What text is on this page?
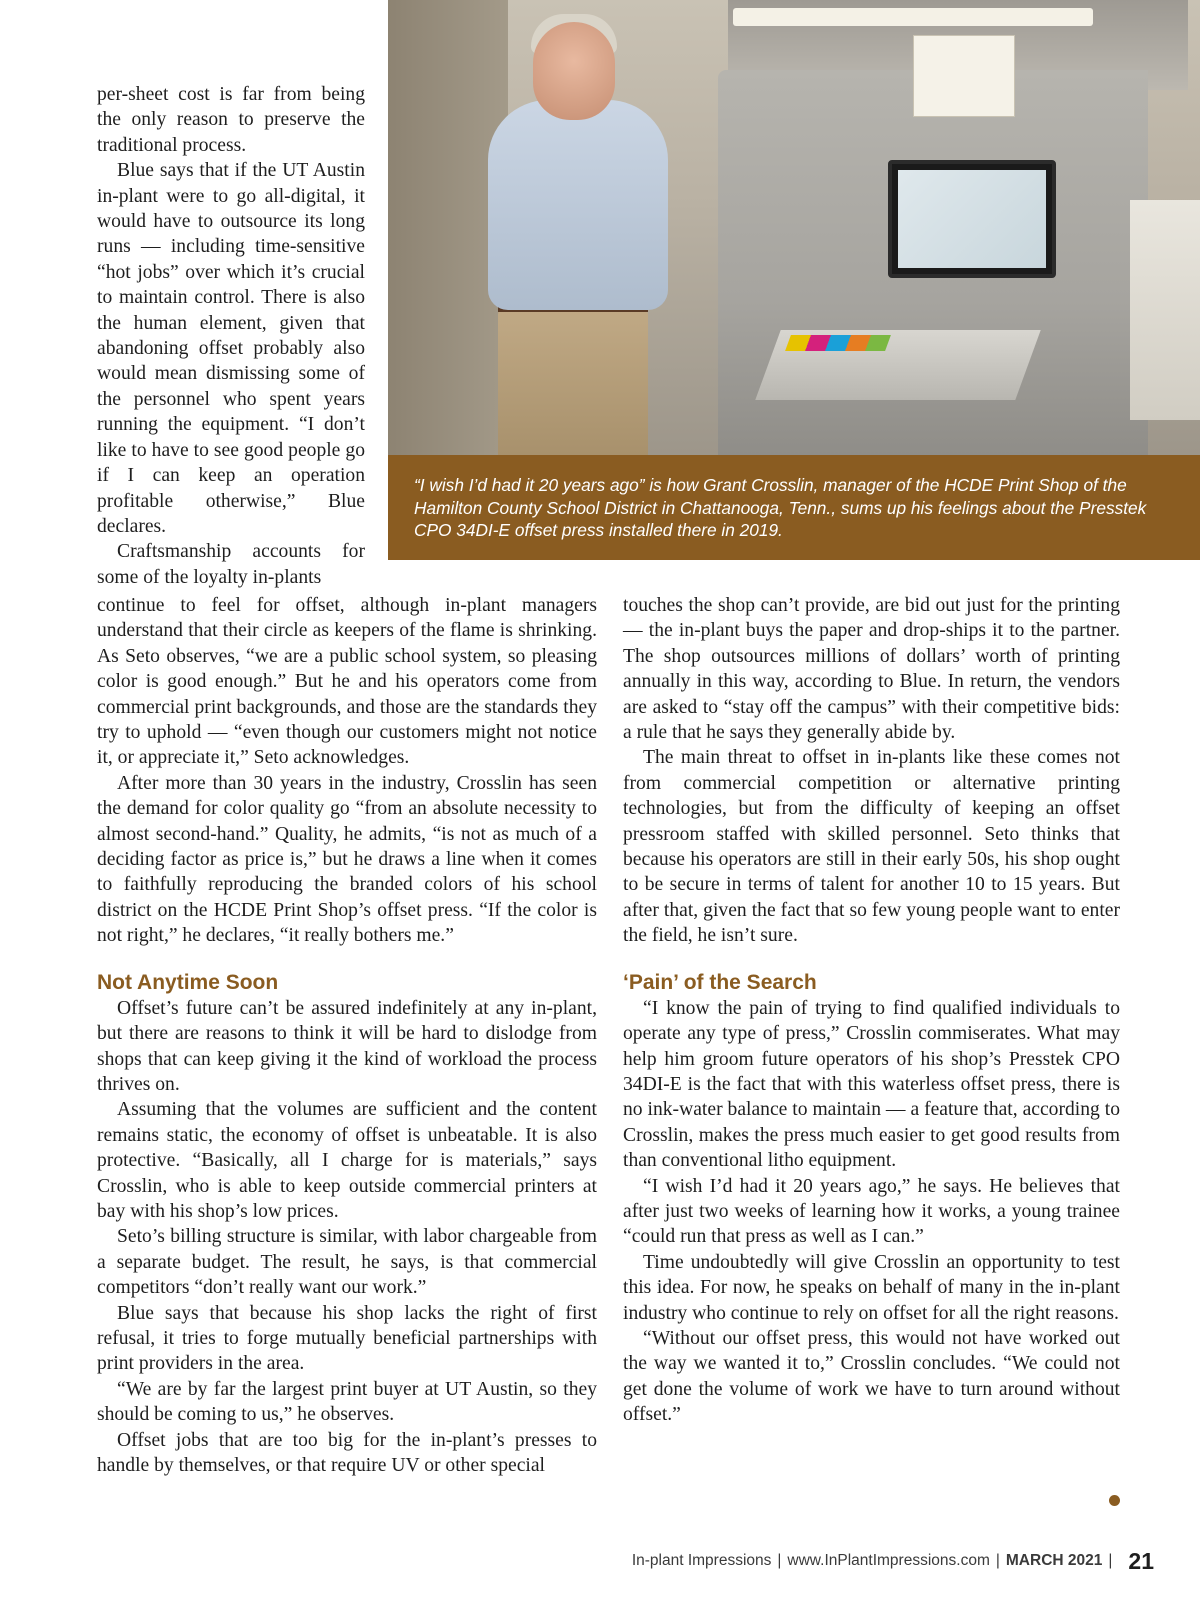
“I wish I’d had it 20 years ago” is how Grant Crosslin, manager of the HCDE Print Shop of the Hamilton County School District in Chattanooga, Tenn., sums up his feelings about the Presstek CPO 34DI-E offset press installed there in 2019.

per-sheet cost is far from being the only reason to preserve the traditional process.

Blue says that if the UT Austin in-plant were to go all-digital, it would have to outsource its long runs — including time-sensitive “hot jobs” over which it’s crucial to maintain control. There is also the human element, given that abandoning offset probably also would mean dismissing some of the personnel who spent years running the equipment. “I don’t like to have to see good people go if I can keep an operation profitable otherwise,” Blue declares.

Craftsmanship accounts for some of the loyalty in-plants

continue to feel for offset, although in-plant managers understand that their circle as keepers of the flame is shrinking. As Seto observes, “we are a public school system, so pleasing color is good enough.” But he and his operators come from commercial print backgrounds, and those are the standards they try to uphold — “even though our customers might not notice it, or appreciate it,” Seto acknowledges.

After more than 30 years in the industry, Crosslin has seen the demand for color quality go “from an absolute necessity to almost second-hand.” Quality, he admits, “is not as much of a deciding factor as price is,” but he draws a line when it comes to faithfully reproducing the branded colors of his school district on the HCDE Print Shop’s offset press. “If the color is not right,” he declares, “it really bothers me.”

Not Anytime Soon

Offset’s future can’t be assured indefinitely at any in-plant, but there are reasons to think it will be hard to dislodge from shops that can keep giving it the kind of workload the process thrives on.

Assuming that the volumes are sufficient and the content remains static, the economy of offset is unbeatable. It is also protective. “Basically, all I charge for is materials,” says Crosslin, who is able to keep outside commercial printers at bay with his shop’s low prices.

Seto’s billing structure is similar, with labor chargeable from a separate budget. The result, he says, is that commercial competitors “don’t really want our work.”

Blue says that because his shop lacks the right of first refusal, it tries to forge mutually beneficial partnerships with print providers in the area.

“We are by far the largest print buyer at UT Austin, so they should be coming to us,” he observes.

Offset jobs that are too big for the in-plant’s presses to handle by themselves, or that require UV or other special

touches the shop can’t provide, are bid out just for the printing — the in-plant buys the paper and drop-ships it to the partner. The shop outsources millions of dollars’ worth of printing annually in this way, according to Blue. In return, the vendors are asked to “stay off the campus” with their competitive bids: a rule that he says they generally abide by.

The main threat to offset in in-plants like these comes not from commercial competition or alternative printing technologies, but from the difficulty of keeping an offset pressroom staffed with skilled personnel. Seto thinks that because his operators are still in their early 50s, his shop ought to be secure in terms of talent for another 10 to 15 years. But after that, given the fact that so few young people want to enter the field, he isn’t sure.

‘Pain’ of the Search

“I know the pain of trying to find qualified individuals to operate any type of press,” Crosslin commiserates. What may help him groom future operators of his shop’s Presstek CPO 34DI-E is the fact that with this waterless offset press, there is no ink-water balance to maintain — a feature that, according to Crosslin, makes the press much easier to get good results from than conventional litho equipment.

“I wish I’d had it 20 years ago,” he says. He believes that after just two weeks of learning how it works, a young trainee “could run that press as well as I can.”

Time undoubtedly will give Crosslin an opportunity to test this idea. For now, he speaks on behalf of many in the in-plant industry who continue to rely on offset for all the right reasons.

“Without our offset press, this would not have worked out the way we wanted it to,” Crosslin concludes. “We could not get done the volume of work we have to turn around without offset.”

In-plant Impressions | www.InPlantImpressions.com | MARCH 2021 | 21
